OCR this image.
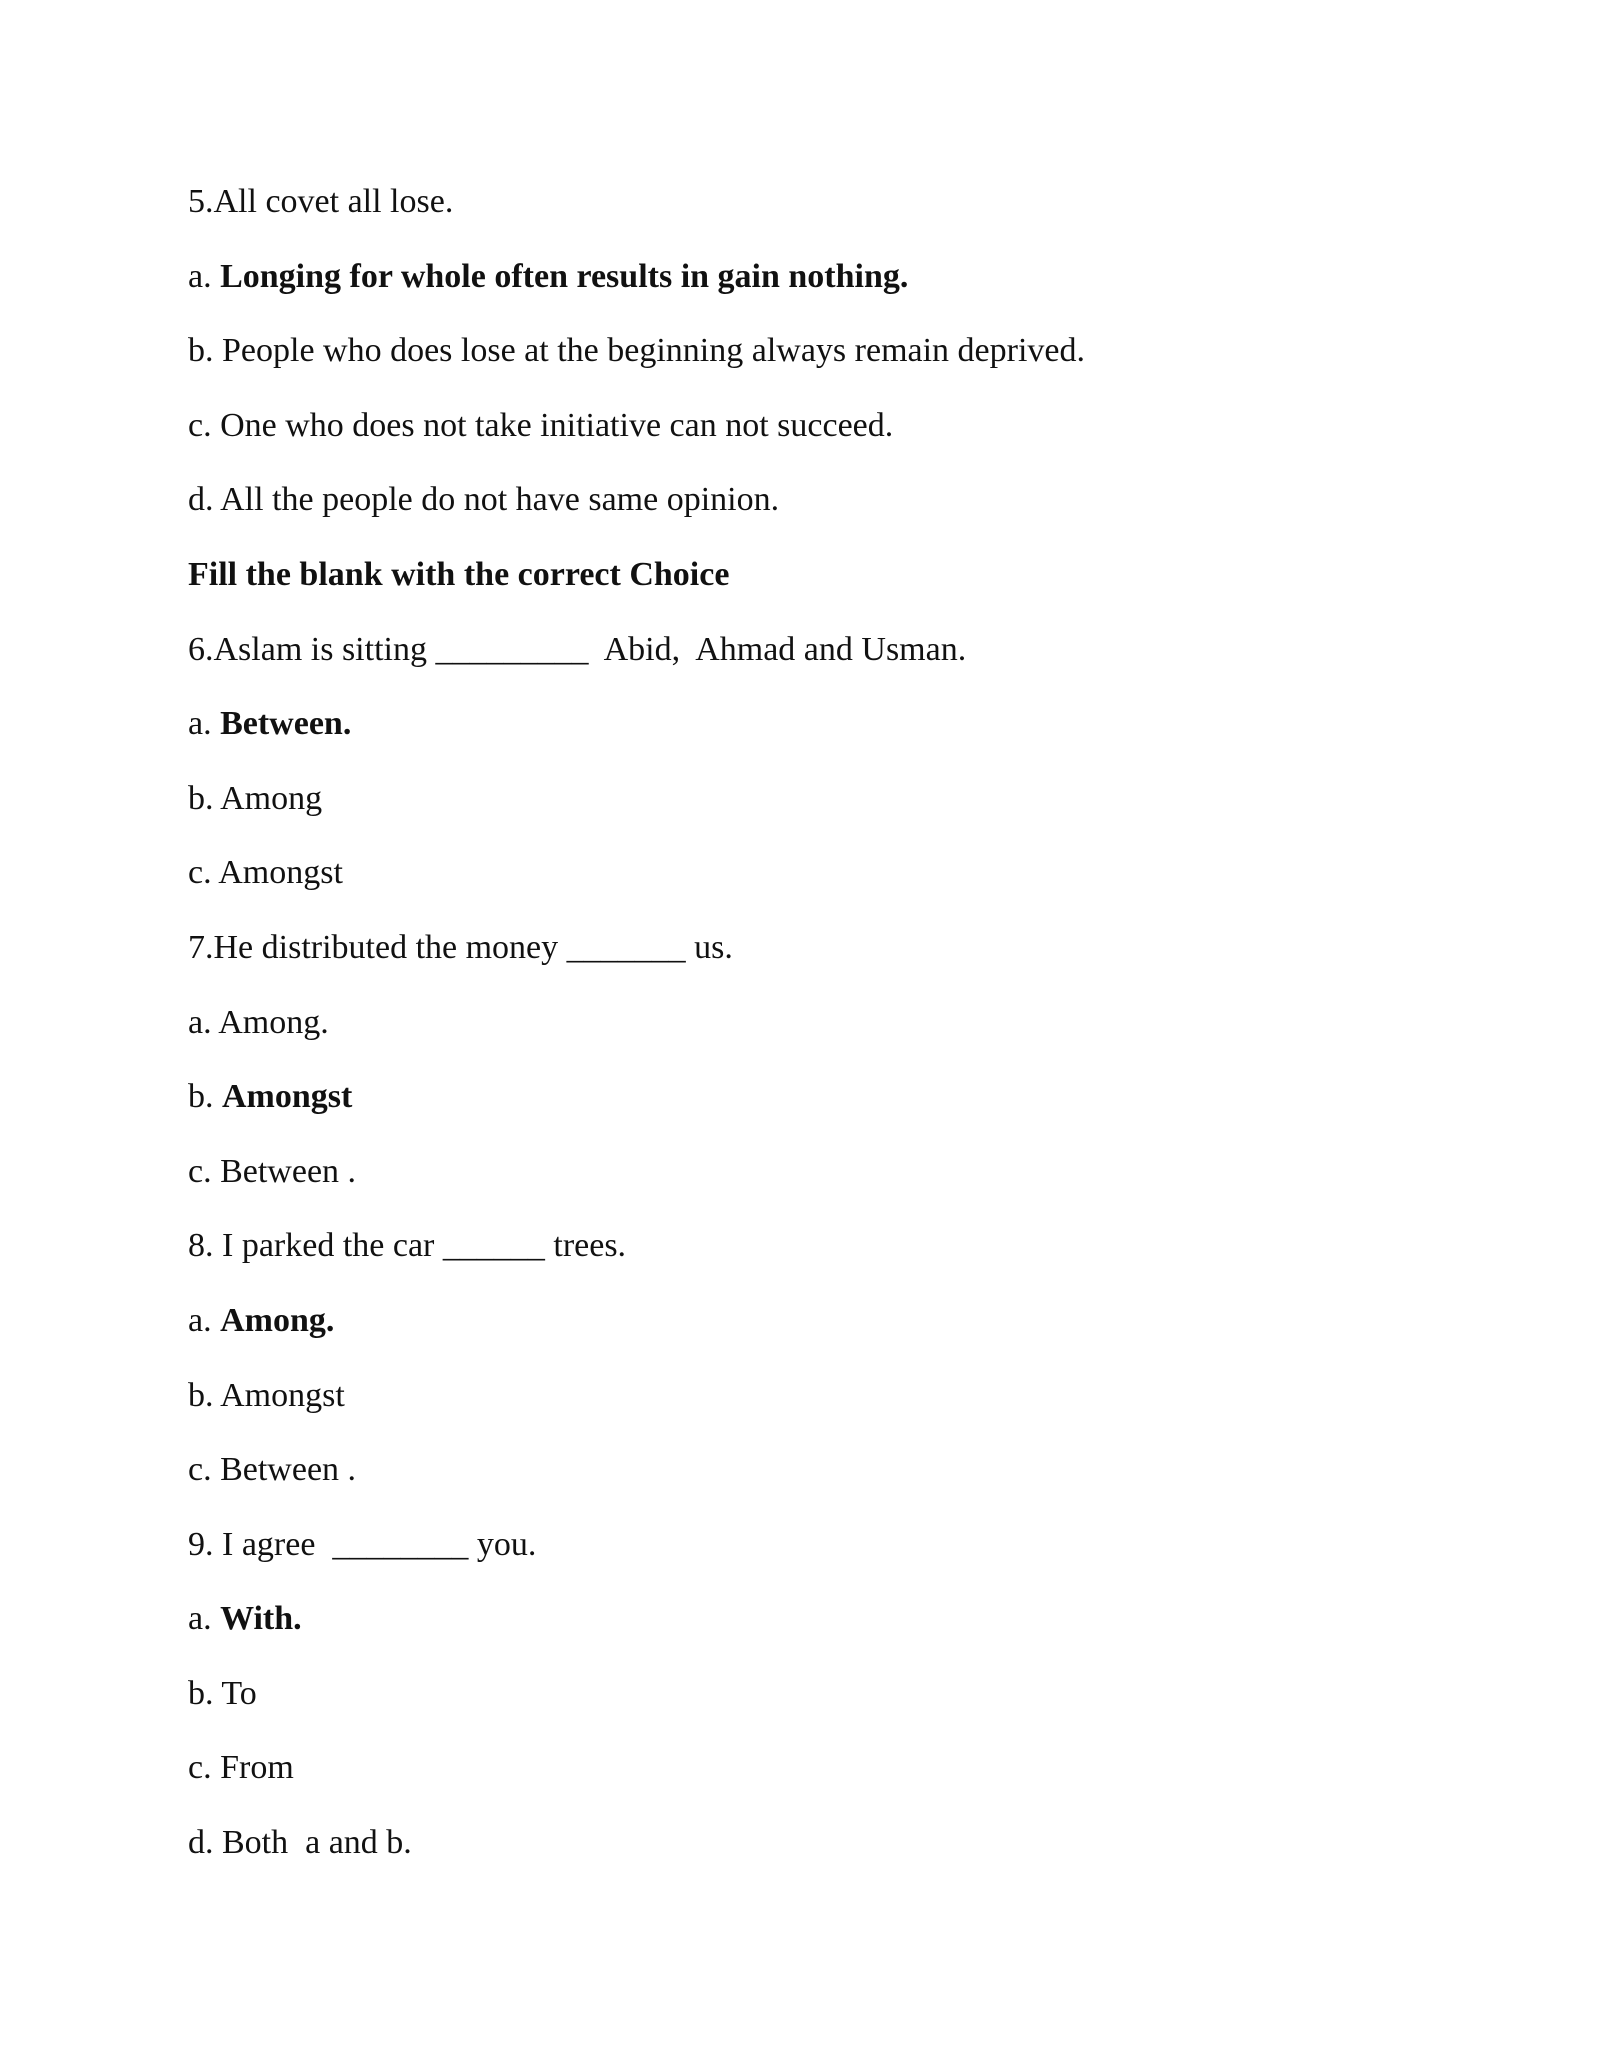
5.All covet all lose.
a. Longing for whole often results in gain nothing.
b. People who does lose at the beginning always remain deprived.
c. One who does not take initiative can not succeed.
d. All the people do not have same opinion.
Fill the blank with the correct Choice
6.Aslam is sitting _________  Abid,  Ahmad and Usman.
a. Between.
b. Among
c. Amongst
7.He distributed the money _______ us.
a. Among.
b. Amongst
c. Between .
8. I parked the car ______ trees.
a. Among.
b. Amongst
c. Between .
9. I agree  ________ you.
a. With.
b. To
c. From
d. Both  a and b.
